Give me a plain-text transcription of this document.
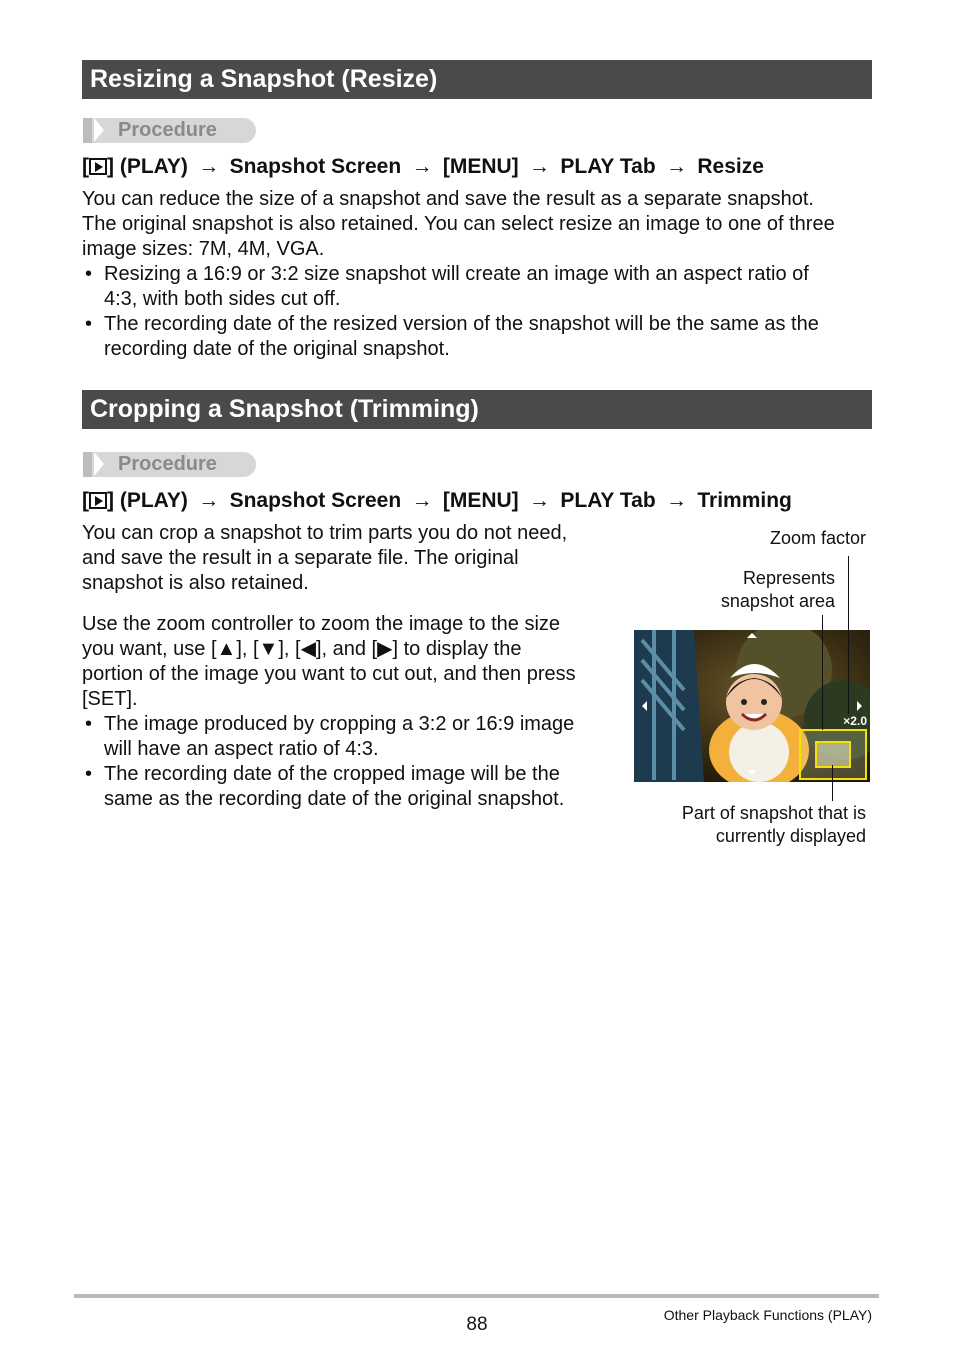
Resizing a Snapshot (Resize)
Procedure
[ ] (PLAY) → Snapshot Screen → [MENU] → PLAY Tab → Resize
You can reduce the size of a snapshot and save the result as a separate snapshot.
The original snapshot is also retained. You can select resize an image to one of three
image sizes: 7M, 4M, VGA.
• Resizing a 16:9 or 3:2 size snapshot will create an image with an aspect ratio of
4:3, with both sides cut off.
• The recording date of the resized version of the snapshot will be the same as the
recording date of the original snapshot.
Cropping a Snapshot (Trimming)
Procedure
[ ] (PLAY) → Snapshot Screen → [MENU] → PLAY Tab → Trimming
You can crop a snapshot to trim parts you do not need,
and save the result in a separate file. The original
snapshot is also retained.
Use the zoom controller to zoom the image to the size
you want, use [▲], [▼], [◀], and [▶] to display the
portion of the image you want to cut out, and then press
[SET].
• The image produced by cropping a 3:2 or 16:9 image
will have an aspect ratio of 4:3.
• The recording date of the cropped image will be the
same as the recording date of the original snapshot.
Zoom factor
Represents
snapshot area
×2.0
Part of snapshot that is
currently displayed
88	Other Playback Functions (PLAY)
